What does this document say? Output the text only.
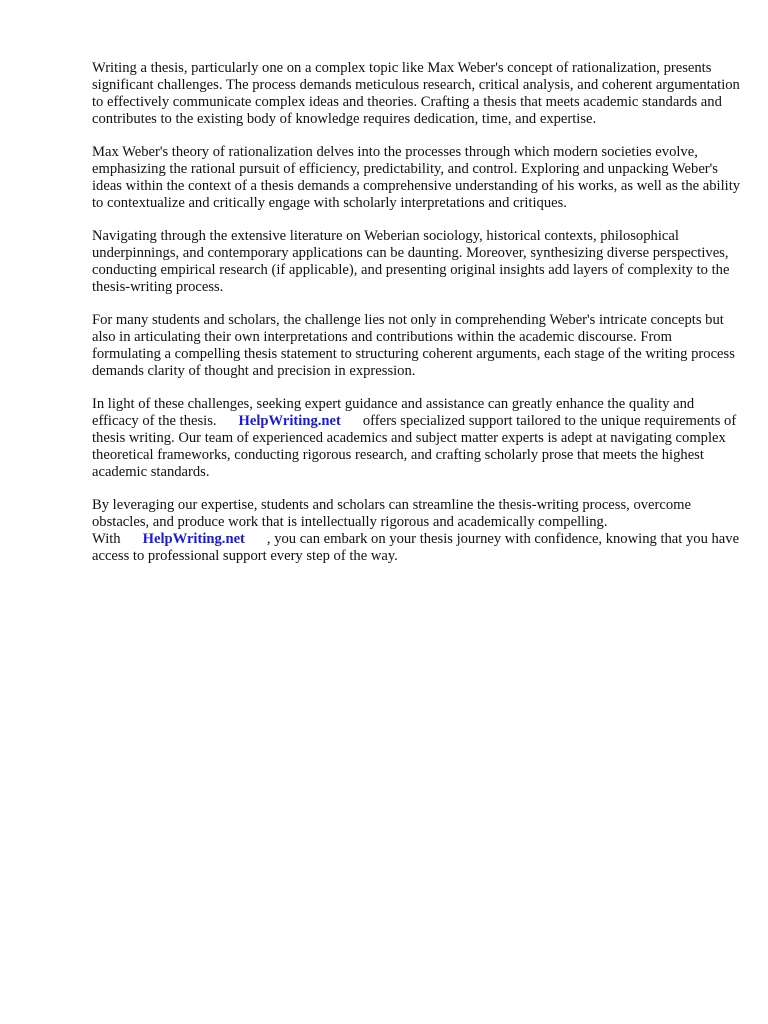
Writing a thesis, particularly one on a complex topic like Max Weber's concept of rationalization, presents significant challenges. The process demands meticulous research, critical analysis, and coherent argumentation to effectively communicate complex ideas and theories. Crafting a thesis that meets academic standards and contributes to the existing body of knowledge requires dedication, time, and expertise.

Max Weber's theory of rationalization delves into the processes through which modern societies evolve, emphasizing the rational pursuit of efficiency, predictability, and control. Exploring and unpacking Weber's ideas within the context of a thesis demands a comprehensive understanding of his works, as well as the ability to contextualize and critically engage with scholarly interpretations and critiques.

Navigating through the extensive literature on Weberian sociology, historical contexts, philosophical underpinnings, and contemporary applications can be daunting. Moreover, synthesizing diverse perspectives, conducting empirical research (if applicable), and presenting original insights add layers of complexity to the thesis-writing process.

For many students and scholars, the challenge lies not only in comprehending Weber's intricate concepts but also in articulating their own interpretations and contributions within the academic discourse. From formulating a compelling thesis statement to structuring coherent arguments, each stage of the writing process demands clarity of thought and precision in expression.

In light of these challenges, seeking expert guidance and assistance can greatly enhance the quality and efficacy of the thesis. HelpWriting.net offers specialized support tailored to the unique requirements of thesis writing. Our team of experienced academics and subject matter experts is adept at navigating complex theoretical frameworks, conducting rigorous research, and crafting scholarly prose that meets the highest academic standards.

By leveraging our expertise, students and scholars can streamline the thesis-writing process, overcome obstacles, and produce work that is intellectually rigorous and academically compelling. With HelpWriting.net , you can embark on your thesis journey with confidence, knowing that you have access to professional support every step of the way.
